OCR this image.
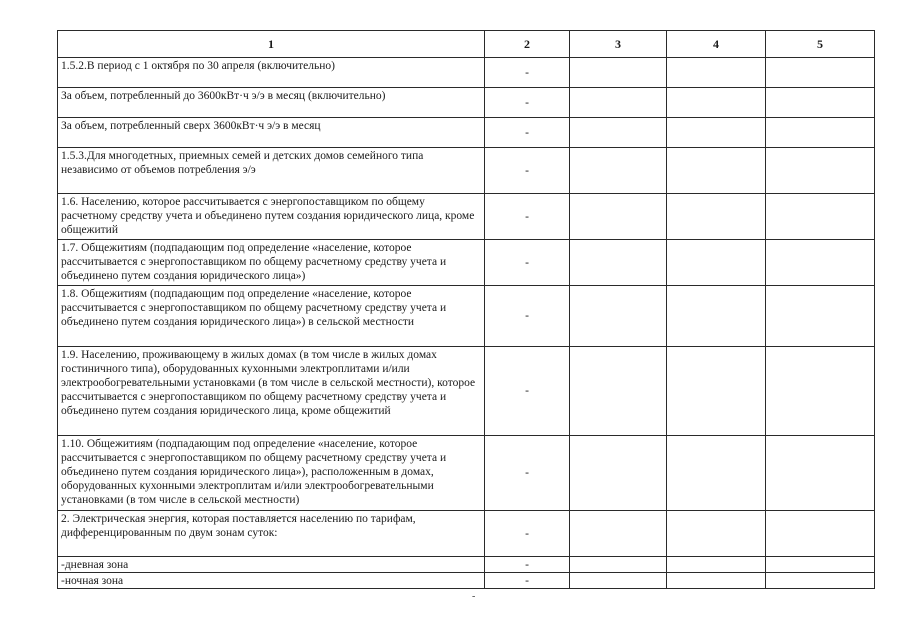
1	2	3	4	5
1.5.2.В период с 1 октября по 30 апреля (включительно)	-			
За объем, потребленный до 3600кВт·ч э/э в месяц (включительно)	-			
За объем, потребленный сверх 3600кВт·ч э/э в месяц	-			
1.5.3.Для многодетных, приемных семей и детских домов семейного типа независимо от объемов потребления э/э	-			
1.6. Населению, которое рассчитывается с энергопоставщиком по общему расчетному средству учета и объединено путем создания юридического лица, кроме общежитий	-			
1.7. Общежитиям (подпадающим под определение «население, которое рассчитывается с энергопоставщиком по общему расчетному средству учета и объединено путем создания юридического лица»)	-			
1.8. Общежитиям (подпадающим под определение «население, которое рассчитывается с энергопоставщиком по общему расчетному средству учета и объединено путем создания юридического лица») в сельской местности	-			
1.9. Населению, проживающему в жилых домах (в том числе в жилых домах гостиничного типа), оборудованных кухонными электроплитами и/или электрообогревательными установками (в том числе в сельской местности), которое рассчитывается с энергопоставщиком по общему расчетному средству учета и объединено путем создания юридического лица, кроме общежитий	-			
1.10. Общежитиям (подпадающим под определение «население, которое рассчитывается с энергопоставщиком по общему расчетному средству учета и объединено путем создания юридического лица»), расположенным в домах, оборудованных кухонными электроплитам и/или электрообогревательными установками (в том числе в сельской местности)	-			
2. Электрическая энергия, которая поставляется населению по тарифам, дифференцированным по двум зонам суток:	-			
-дневная зона	-			
-ночная зона	-			
-
